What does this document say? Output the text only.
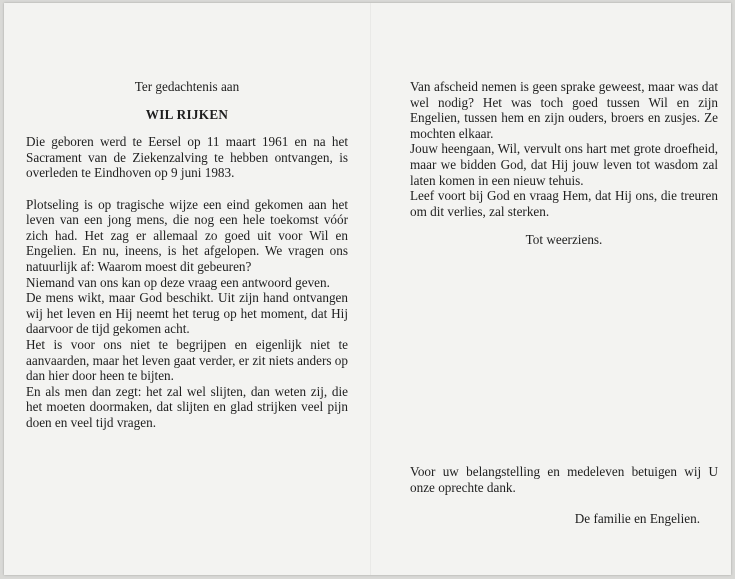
Ter gedachtenis aan

WIL RIJKEN

Die geboren werd te Eersel op 11 maart 1961 en na het Sacrament van de Ziekenzalving te hebben ontvangen, is overleden te Eindhoven op 9 juni 1983.

Plotseling is op tragische wijze een eind gekomen aan het leven van een jong mens, die nog een hele toekomst vóór zich had. Het zag er allemaal zo goed uit voor Wil en Engelien. En nu, ineens, is het afgelopen. We vragen ons natuurlijk af: Waarom moest dit gebeuren?

Niemand van ons kan op deze vraag een antwoord geven.

De mens wikt, maar God beschikt. Uit zijn hand ontvangen wij het leven en Hij neemt het terug op het moment, dat Hij daarvoor de tijd gekomen acht.

Het is voor ons niet te begrijpen en eigenlijk niet te aanvaarden, maar het leven gaat verder, er zit niets anders op dan hier door heen te bijten.

En als men dan zegt: het zal wel slijten, dan weten zij, die het moeten doormaken, dat slijten en glad strijken veel pijn doen en veel tijd vragen.

Van afscheid nemen is geen sprake geweest, maar was dat wel nodig? Het was toch goed tussen Wil en zijn Engelien, tussen hem en zijn ouders, broers en zusjes. Ze mochten elkaar.

Jouw heengaan, Wil, vervult ons hart met grote droefheid, maar we bidden God, dat Hij jouw leven tot wasdom zal laten komen in een nieuw tehuis.

Leef voort bij God en vraag Hem, dat Hij ons, die treuren om dit verlies, zal sterken.

Tot weerziens.

Voor uw belangstelling en medeleven betuigen wij U onze oprechte dank.

De familie en Engelien.
